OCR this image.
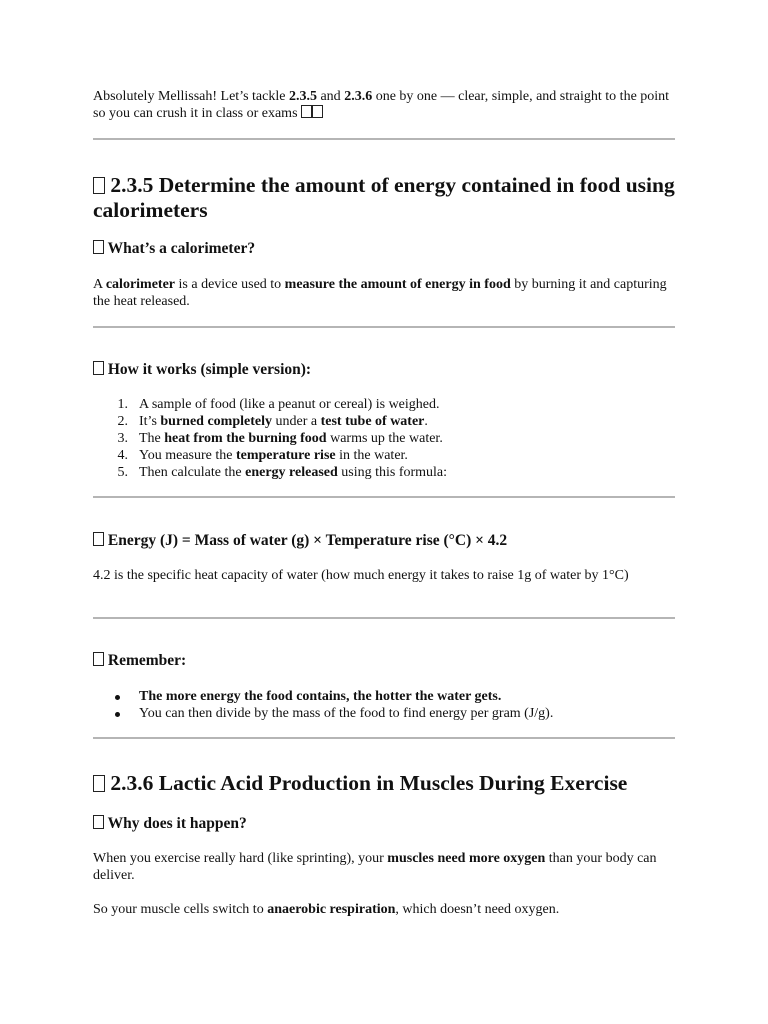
Absolutely Mellissah! Let’s tackle 2.3.5 and 2.3.6 one by one — clear, simple, and straight to the point so you can crush it in class or exams

2.3.5 Determine the amount of energy contained in food using calorimeters
What’s a calorimeter?

A calorimeter is a device used to measure the amount of energy in food by burning it and capturing the heat released.

How it works (simple version):
1. A sample of food (like a peanut or cereal) is weighed.
2. It’s burned completely under a test tube of water.
3. The heat from the burning food warms up the water.
4. You measure the temperature rise in the water.
5. Then calculate the energy released using this formula:
Energy (J) = Mass of water (g) × Temperature rise (°C) × 4.2

4.2 is the specific heat capacity of water (how much energy it takes to raise 1g of water by 1°C)

Remember:
The more energy the food contains, the hotter the water gets.
You can then divide by the mass of the food to find energy per gram (J/g).
2.3.6 Lactic Acid Production in Muscles During Exercise
Why does it happen?

When you exercise really hard (like sprinting), your muscles need more oxygen than your body can deliver.

So your muscle cells switch to anaerobic respiration, which doesn’t need oxygen.
